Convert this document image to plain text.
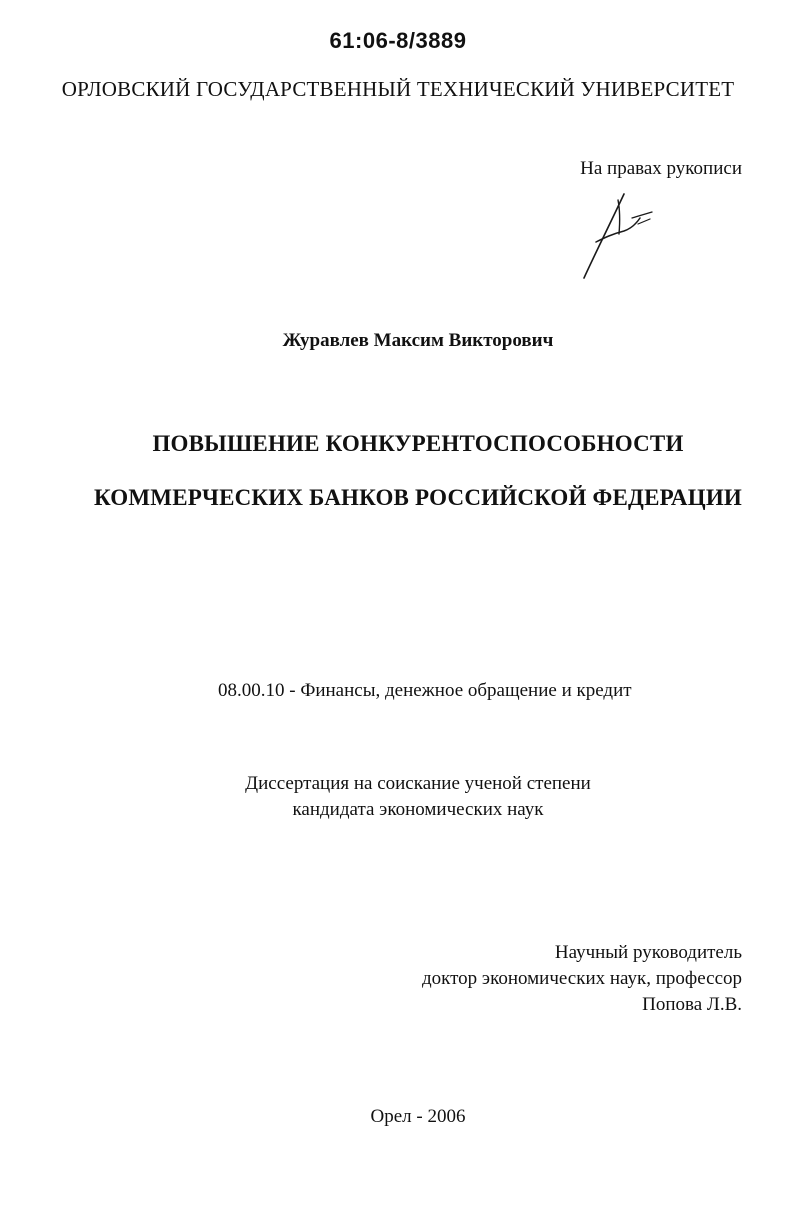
61:06-8/3889

ОРЛОВСКИЙ ГОСУДАРСТВЕННЫЙ ТЕХНИЧЕСКИЙ УНИВЕРСИТЕТ

На правах рукописи

Журавлев Максим Викторович

ПОВЫШЕНИЕ КОНКУРЕНТОСПОСОБНОСТИ

КОММЕРЧЕСКИХ БАНКОВ РОССИЙСКОЙ ФЕДЕРАЦИИ

08.00.10 - Финансы, денежное обращение и кредит

Диссертация на соискание ученой степени

кандидата экономических наук

Научный руководитель
доктор экономических наук, профессор
Попова Л.В.

Орел - 2006
